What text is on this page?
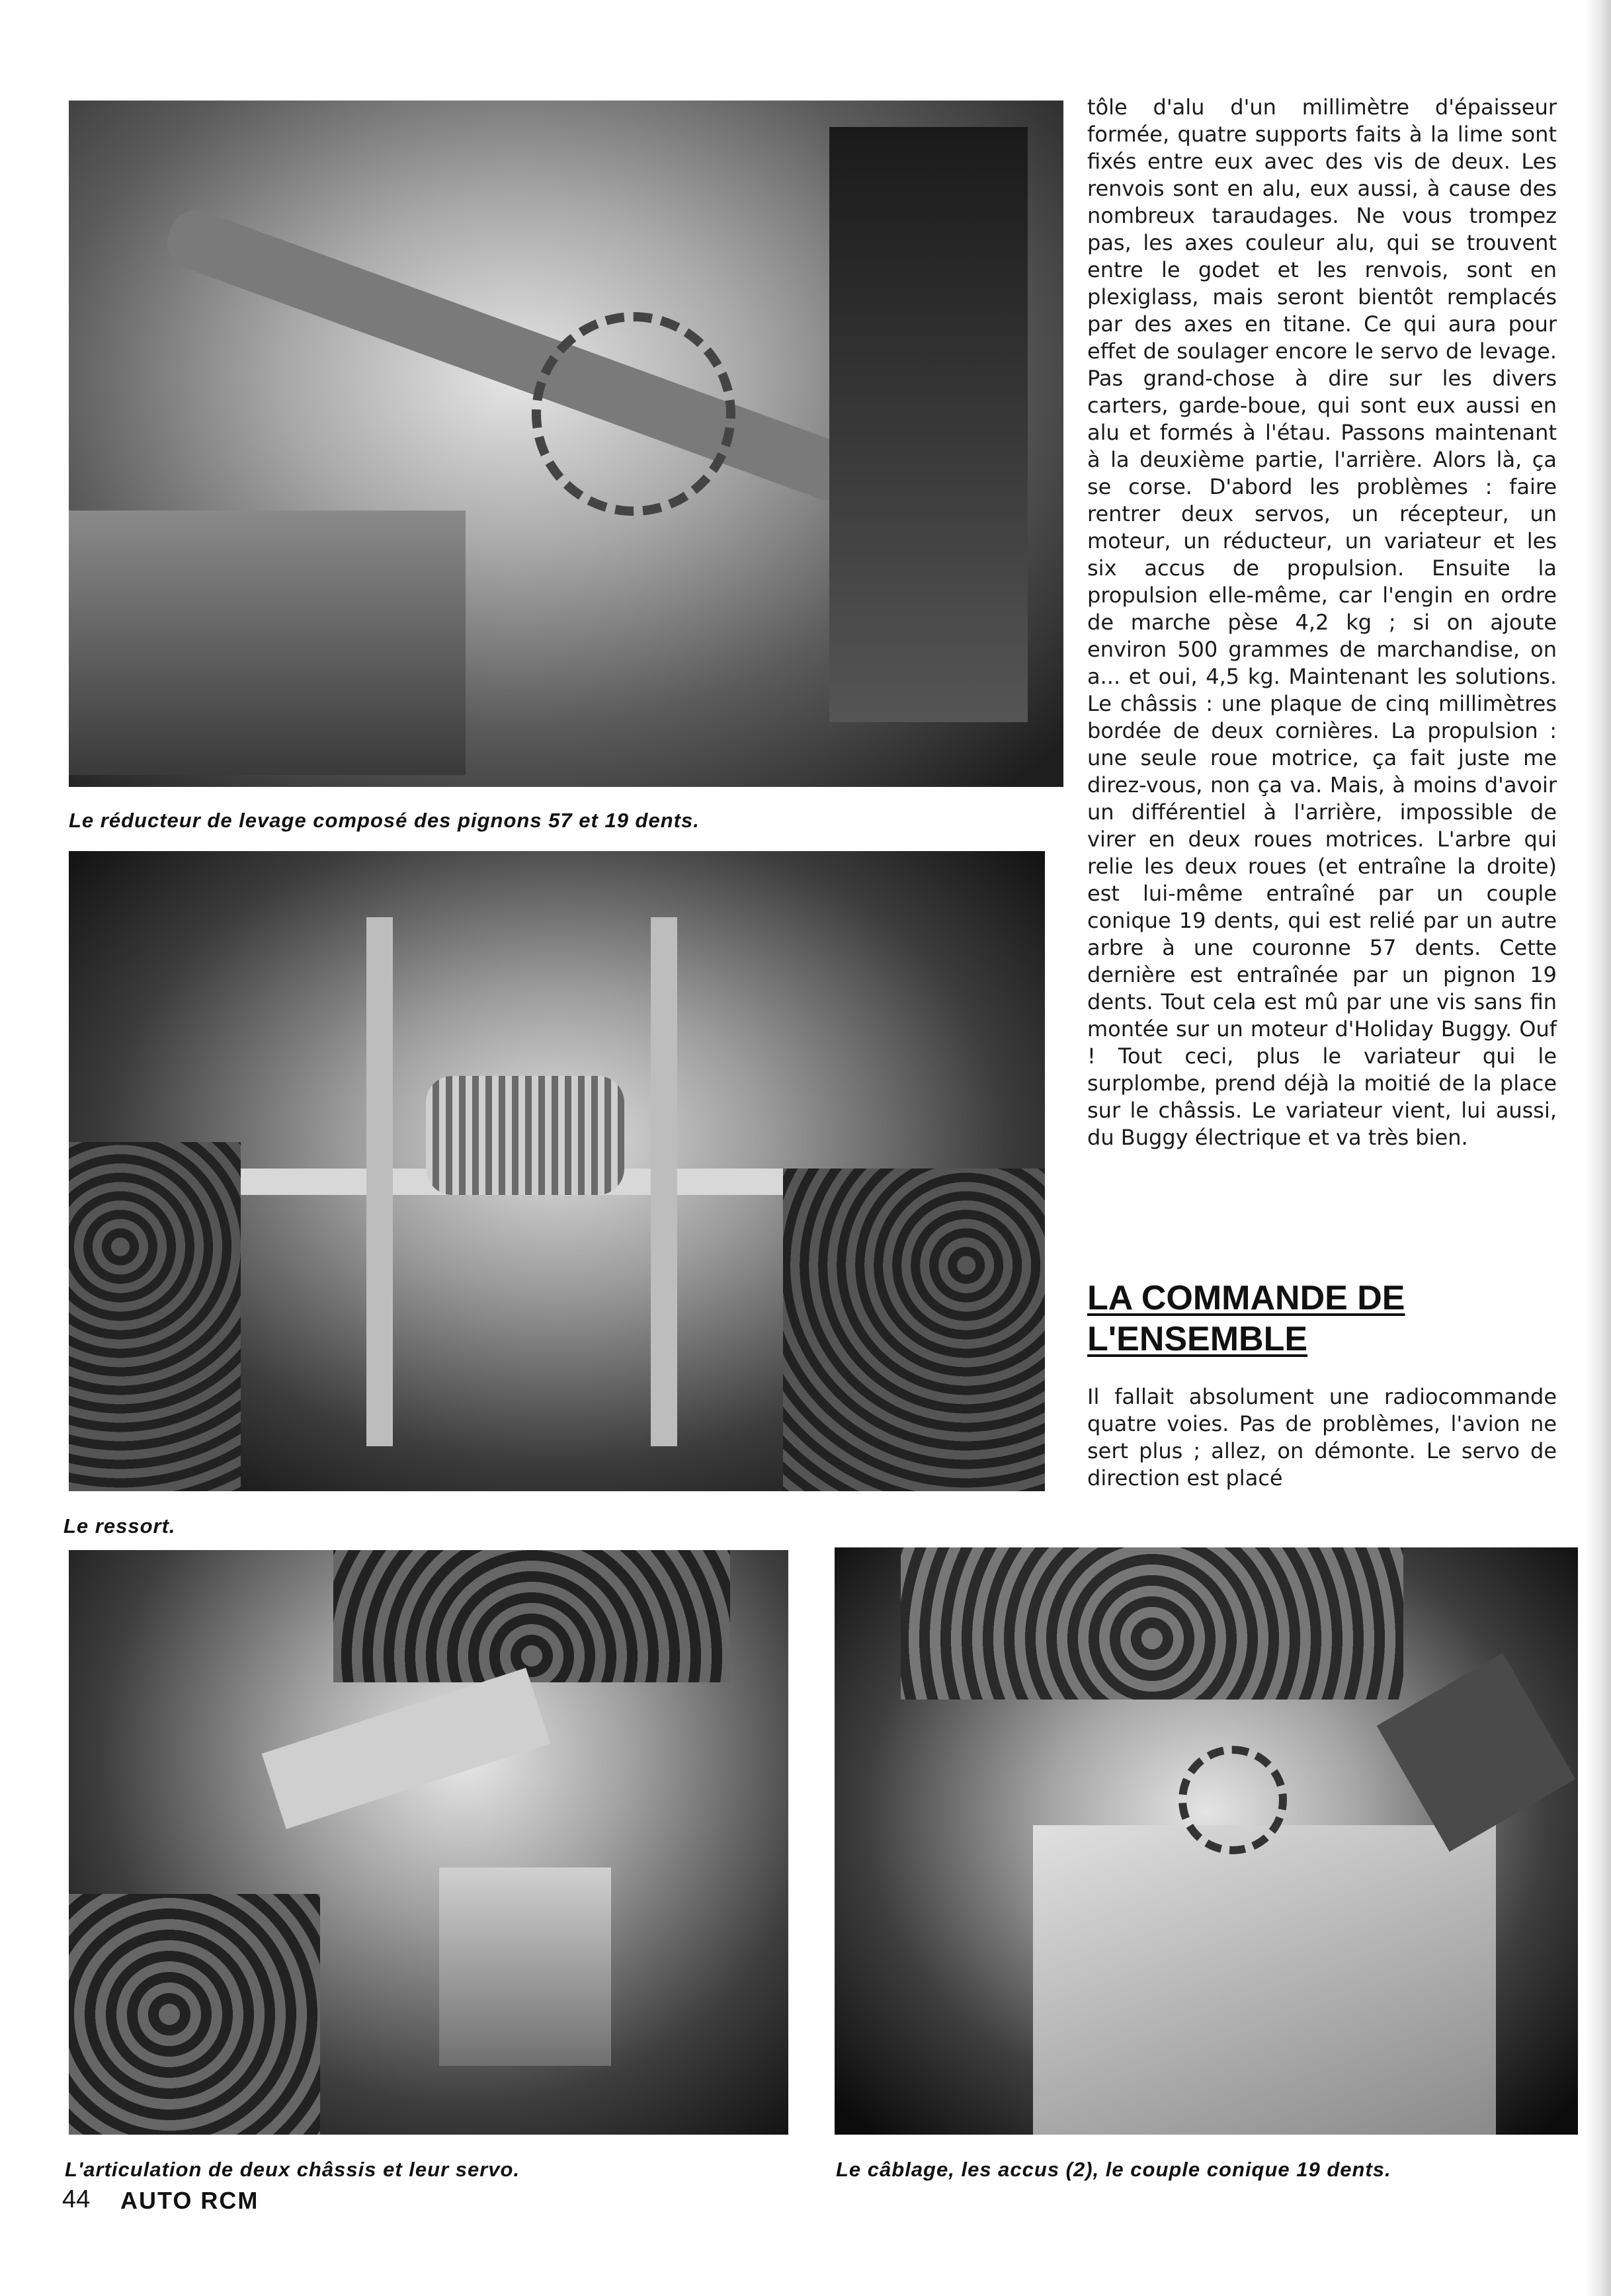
Le réducteur de levage composé des pignons 57 et 19 dents.
Le ressort.
L'articulation de deux châssis et leur servo.	Le câblage, les accus (2), le couple conique 19 dents.

tôle d'alu d'un millimètre d'épaisseur formée, quatre supports faits à la lime sont fixés entre eux avec des vis de deux. Les renvois sont en alu, eux aussi, à cause des nombreux taraudages. Ne vous trompez pas, les axes couleur alu, qui se trouvent entre le godet et les renvois, sont en plexiglass, mais seront bientôt remplacés par des axes en titane. Ce qui aura pour effet de soulager encore le servo de levage. Pas grand-chose à dire sur les divers carters, garde-boue, qui sont eux aussi en alu et formés à l'étau. Passons maintenant à la deuxième partie, l'arrière. Alors là, ça se corse. D'abord les problèmes : faire rentrer deux servos, un récepteur, un moteur, un réducteur, un variateur et les six accus de propulsion. Ensuite la propulsion elle-même, car l'engin en ordre de marche pèse 4,2 kg ; si on ajoute environ 500 grammes de marchandise, on a... et oui, 4,5 kg. Maintenant les solutions. Le châssis : une plaque de cinq millimètres bordée de deux cornières. La propulsion : une seule roue motrice, ça fait juste me direz-vous, non ça va. Mais, à moins d'avoir un différentiel à l'arrière, impossible de virer en deux roues motrices. L'arbre qui relie les deux roues (et entraîne la droite) est lui-même entraîné par un couple conique 19 dents, qui est relié par un autre arbre à une couronne 57 dents. Cette dernière est entraînée par un pignon 19 dents. Tout cela est mû par une vis sans fin montée sur un moteur d'Holiday Buggy. Ouf ! Tout ceci, plus le variateur qui le surplombe, prend déjà la moitié de la place sur le châssis. Le variateur vient, lui aussi, du Buggy électrique et va très bien.

LA COMMANDE DE L'ENSEMBLE

Il fallait absolument une radiocommande quatre voies. Pas de problèmes, l'avion ne sert plus ; allez, on démonte. Le servo de direction est placé

44 AUTO RCM
